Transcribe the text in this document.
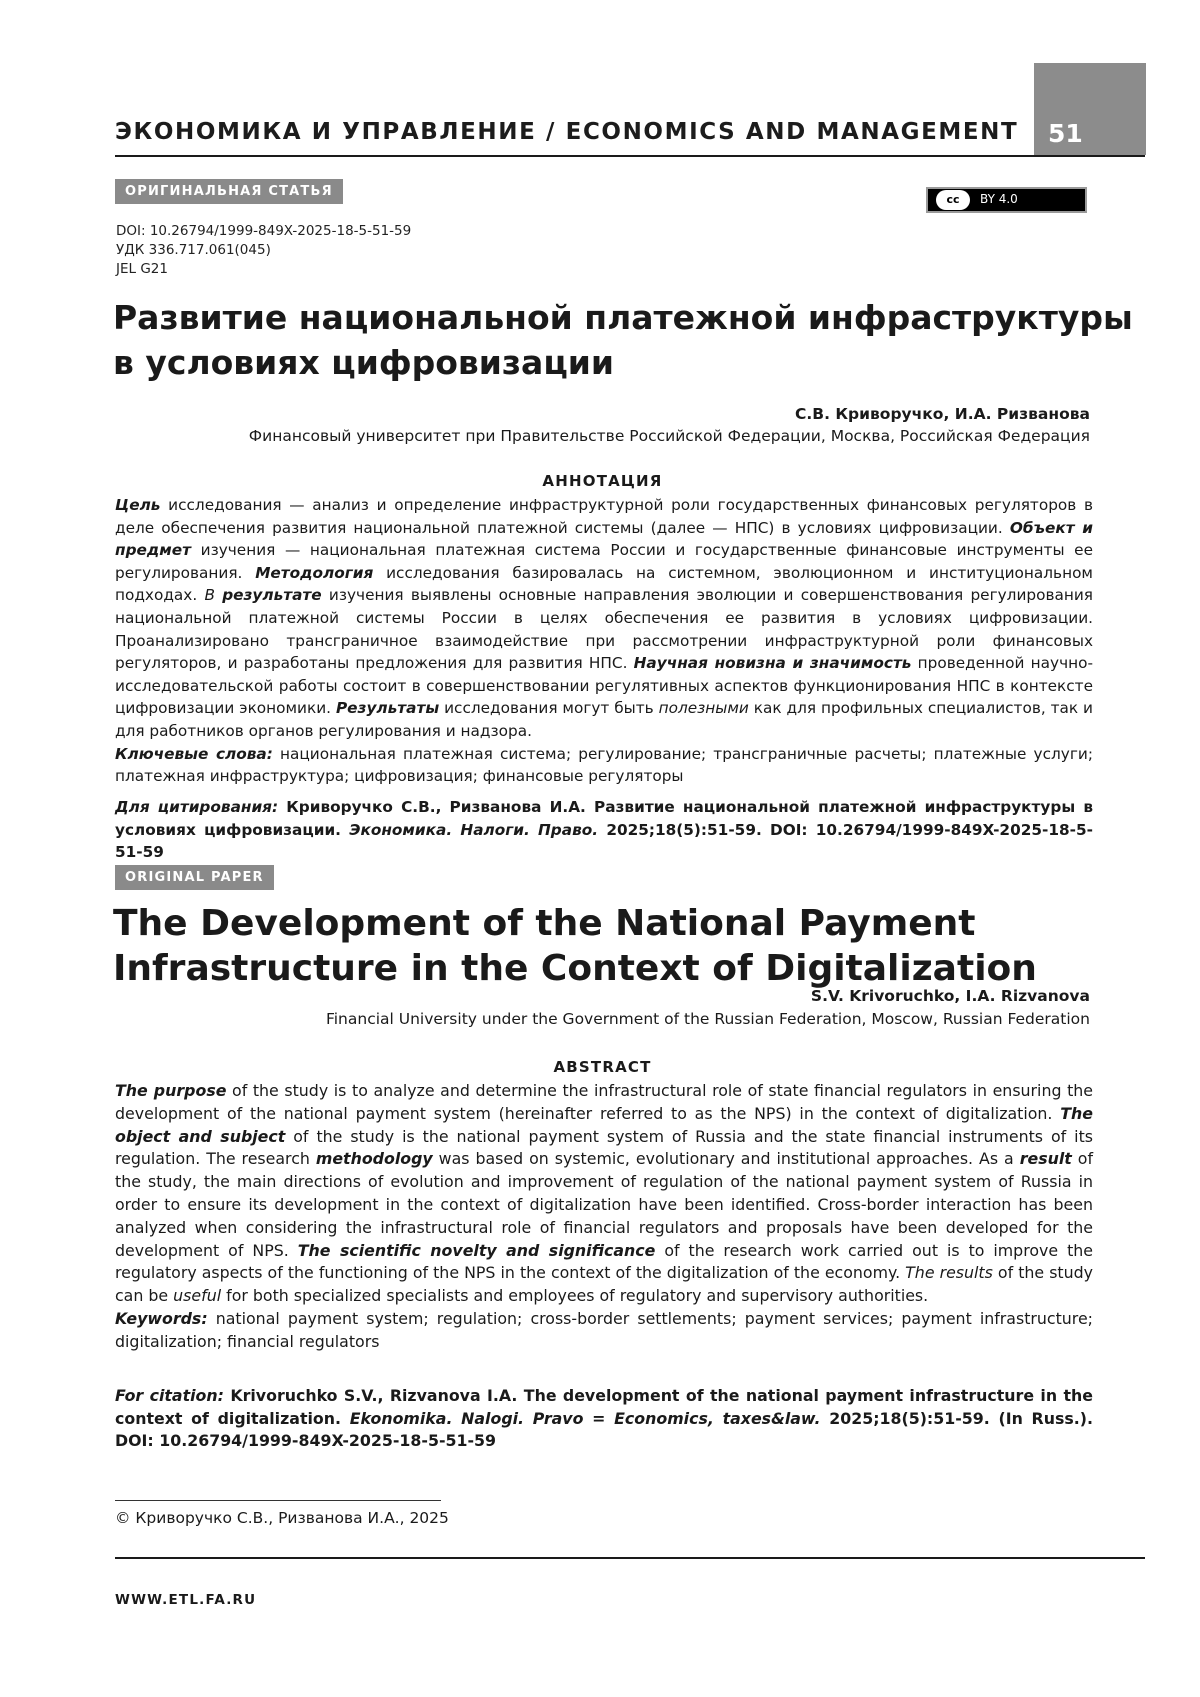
51
ЭКОНОМИКА И УПРАВЛЕНИЕ / ECONOMICS AND MANAGEMENT
ОРИГИНАЛЬНАЯ СТАТЬЯ
cc	BY 4.0
DOI: 10.26794/1999-849X-2025-18-5-51-59
УДК 336.717.061(045)
JEL G21
Развитие национальной платежной инфраструктуры
в условиях цифровизации
С.В. Криворучко, И.А. Ризванова
Финансовый университет при Правительстве Российской Федерации, Москва, Российская Федерация
АННОТАЦИЯ

Цель исследования — анализ и определение инфраструктурной роли государственных финансовых регуляторов в деле обеспечения развития национальной платежной системы (далее — НПС) в условиях цифровизации. Объект и предмет изучения — национальная платежная система России и государственные финансовые инструменты ее регулирования. Методология исследования базировалась на системном, эволюционном и институциональном подходах. В результате изучения выявлены основные направления эволюции и совершенствования регулирования национальной платежной системы России в целях обеспечения ее развития в условиях цифровизации. Проанализировано трансграничное взаимодействие при рассмотрении инфраструктурной роли финансовых регуляторов, и разработаны предложения для развития НПС. Научная новизна и значимость проведенной научно-исследовательской работы состоит в совершенствовании регулятивных аспектов функционирования НПС в контексте цифровизации экономики. Результаты исследования могут быть полезными как для профильных специалистов, так и для работников органов регулирования и надзора.

Ключевые слова: национальная платежная система; регулирование; трансграничные расчеты; платежные услуги; платежная инфраструктура; цифровизация; финансовые регуляторы

Для цитирования: Криворучко С.В., Ризванова И.А. Развитие национальной платежной инфраструктуры в условиях цифровизации. Экономика. Налоги. Право. 2025;18(5):51-59. DOI: 10.26794/1999-849X-2025-18-5-51-59
ORIGINAL PAPER
The Development of the National Payment
Infrastructure in the Context of Digitalization
S.V. Krivoruchko, I.A. Rizvanova
Financial University under the Government of the Russian Federation, Moscow, Russian Federation
ABSTRACT

The purpose of the study is to analyze and determine the infrastructural role of state financial regulators in ensuring the development of the national payment system (hereinafter referred to as the NPS) in the context of digitalization. The object and subject of the study is the national payment system of Russia and the state financial instruments of its regulation. The research methodology was based on systemic, evolutionary and institutional approaches. As a result of the study, the main directions of evolution and improvement of regulation of the national payment system of Russia in order to ensure its development in the context of digitalization have been identified. Cross-border interaction has been analyzed when considering the infrastructural role of financial regulators and proposals have been developed for the development of NPS. The scientific novelty and significance of the research work carried out is to improve the regulatory aspects of the functioning of the NPS in the context of the digitalization of the economy. The results of the study can be useful for both specialized specialists and employees of regulatory and supervisory authorities.

Keywords: national payment system; regulation; cross-border settlements; payment services; payment infrastructure; digitalization; financial regulators

For citation: Krivoruchko S.V., Rizvanova I.A. The development of the national payment infrastructure in the context of digitalization. Ekonomika. Nalogi. Pravo = Economics, taxes&law. 2025;18(5):51-59. (In Russ.). DOI: 10.26794/1999-849X-2025-18-5-51-59
© Криворучко С.В., Ризванова И.А., 2025
WWW.ETL.FA.RU
